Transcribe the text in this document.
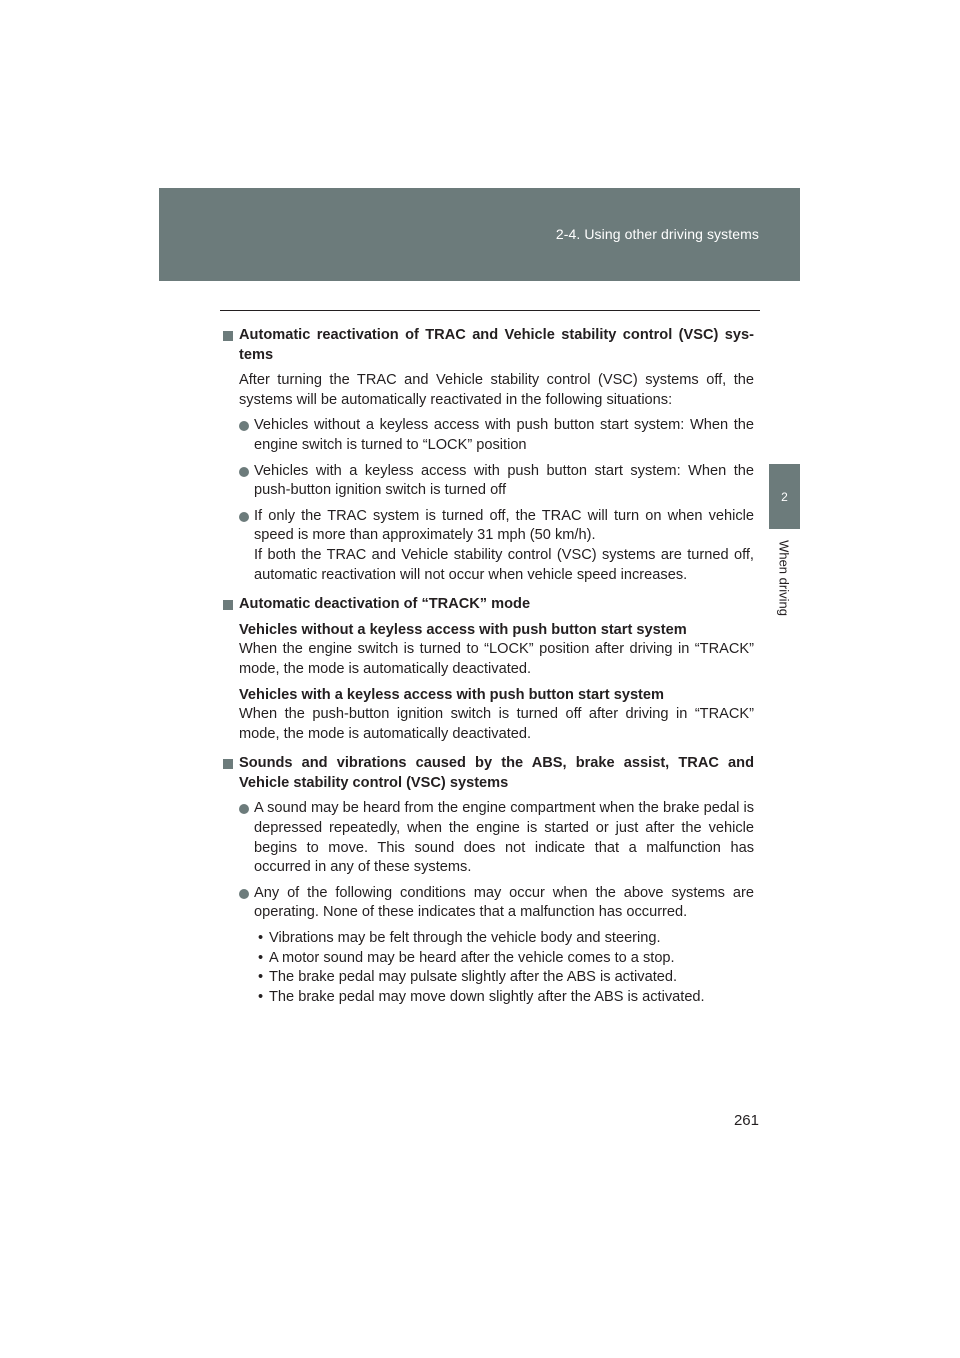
2-4. Using other driving systems
2
When driving
Automatic reactivation of TRAC and Vehicle stability control (VSC) sys-tems
After turning the TRAC and Vehicle stability control (VSC) systems off, the systems will be automatically reactivated in the following situations:
Vehicles without a keyless access with push button start system: When the engine switch is turned to “LOCK” position
Vehicles with a keyless access with push button start system: When the push-button ignition switch is turned off
If only the TRAC system is turned off, the TRAC will turn on when vehicle speed is more than approximately 31 mph (50 km/h).
If both the TRAC and Vehicle stability control (VSC) systems are turned off, automatic reactivation will not occur when vehicle speed increases.
Automatic deactivation of “TRACK” mode
Vehicles without a keyless access with push button start system
When the engine switch is turned to “LOCK” position after driving in “TRACK” mode, the mode is automatically deactivated.
Vehicles with a keyless access with push button start system
When the push-button ignition switch is turned off after driving in “TRACK” mode, the mode is automatically deactivated.
Sounds and vibrations caused by the ABS, brake assist, TRAC and Vehicle stability control (VSC) systems
A sound may be heard from the engine compartment when the brake pedal is depressed repeatedly, when the engine is started or just after the vehicle begins to move. This sound does not indicate that a malfunction has occurred in any of these systems.
Any of the following conditions may occur when the above systems are operating. None of these indicates that a malfunction has occurred.
• Vibrations may be felt through the vehicle body and steering.
• A motor sound may be heard after the vehicle comes to a stop.
• The brake pedal may pulsate slightly after the ABS is activated.
• The brake pedal may move down slightly after the ABS is activated.
261
